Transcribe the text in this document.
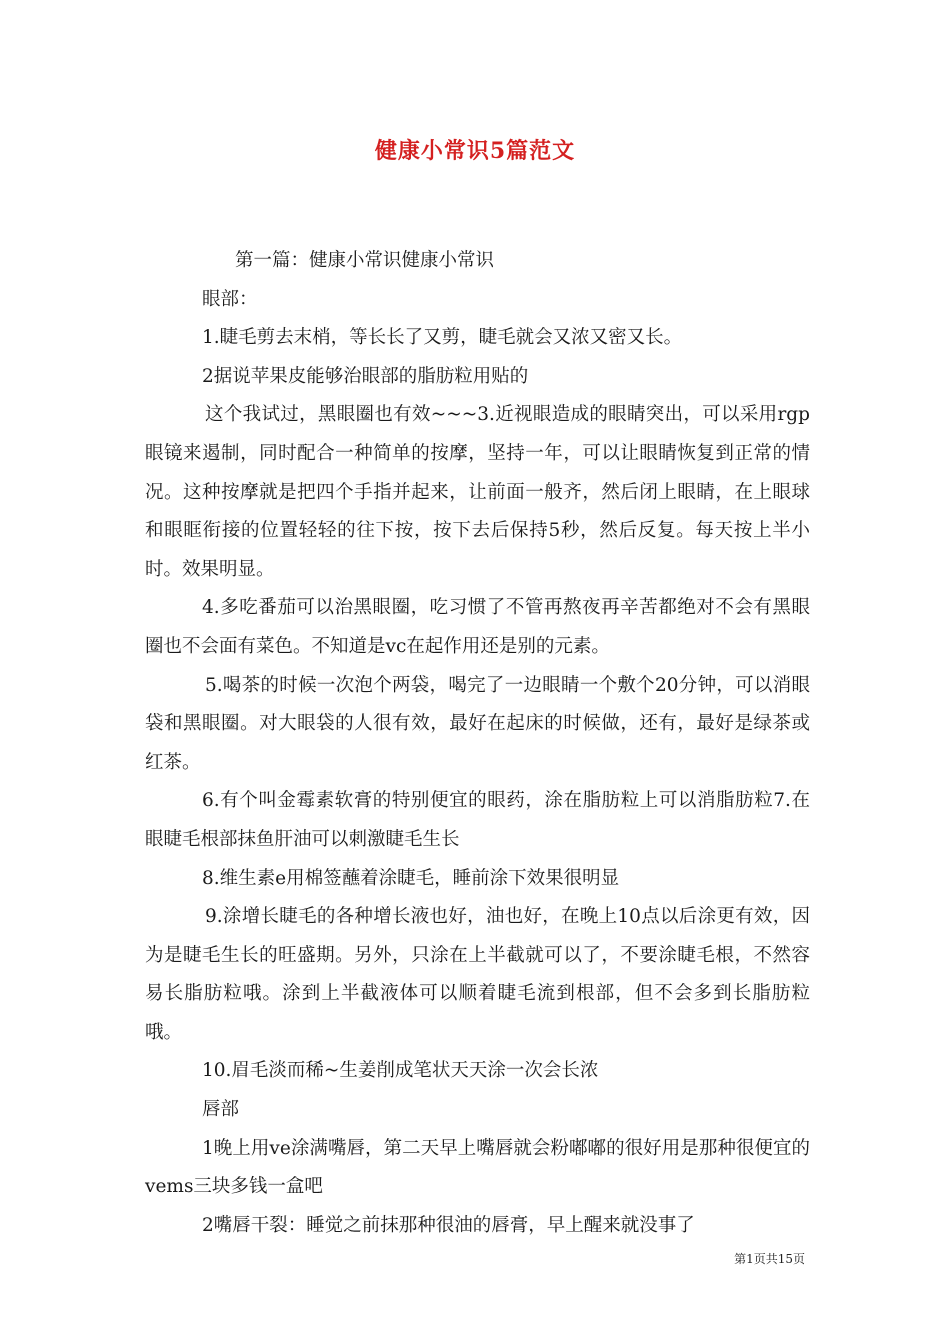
健康小常识5篇范文

第一篇：健康小常识健康小常识

眼部：

1.睫毛剪去末梢，等长长了又剪，睫毛就会又浓又密又长。

2据说苹果皮能够治眼部的脂肪粒用贴的

这个我试过，黑眼圈也有效~~~3.近视眼造成的眼睛突出，可以采用rgp眼镜来遏制，同时配合一种简单的按摩，坚持一年，可以让眼睛恢复到正常的情况。这种按摩就是把四个手指并起来，让前面一般齐，然后闭上眼睛，在上眼球和眼眶衔接的位置轻轻的往下按，按下去后保持5秒，然后反复。每天按上半小时。效果明显。

4.多吃番茄可以治黑眼圈，吃习惯了不管再熬夜再辛苦都绝对不会有黑眼圈也不会面有菜色。不知道是vc在起作用还是别的元素。

5.喝茶的时候一次泡个两袋，喝完了一边眼睛一个敷个20分钟，可以消眼袋和黑眼圈。对大眼袋的人很有效，最好在起床的时候做，还有，最好是绿茶或红茶。

6.有个叫金霉素软膏的特别便宜的眼药，涂在脂肪粒上可以消脂肪粒7.在眼睫毛根部抹鱼肝油可以刺激睫毛生长

8.维生素e用棉签蘸着涂睫毛，睡前涂下效果很明显

9.涂增长睫毛的各种增长液也好，油也好，在晚上10点以后涂更有效，因为是睫毛生长的旺盛期。另外，只涂在上半截就可以了，不要涂睫毛根，不然容易长脂肪粒哦。涂到上半截液体可以顺着睫毛流到根部，但不会多到长脂肪粒哦。

10.眉毛淡而稀~生姜削成笔状天天涂一次会长浓

唇部

1晚上用ve涂满嘴唇，第二天早上嘴唇就会粉嘟嘟的很好用是那种很便宜的vems三块多钱一盒吧

2嘴唇干裂：睡觉之前抹那种很油的唇膏，早上醒来就没事了

第1页共15页
